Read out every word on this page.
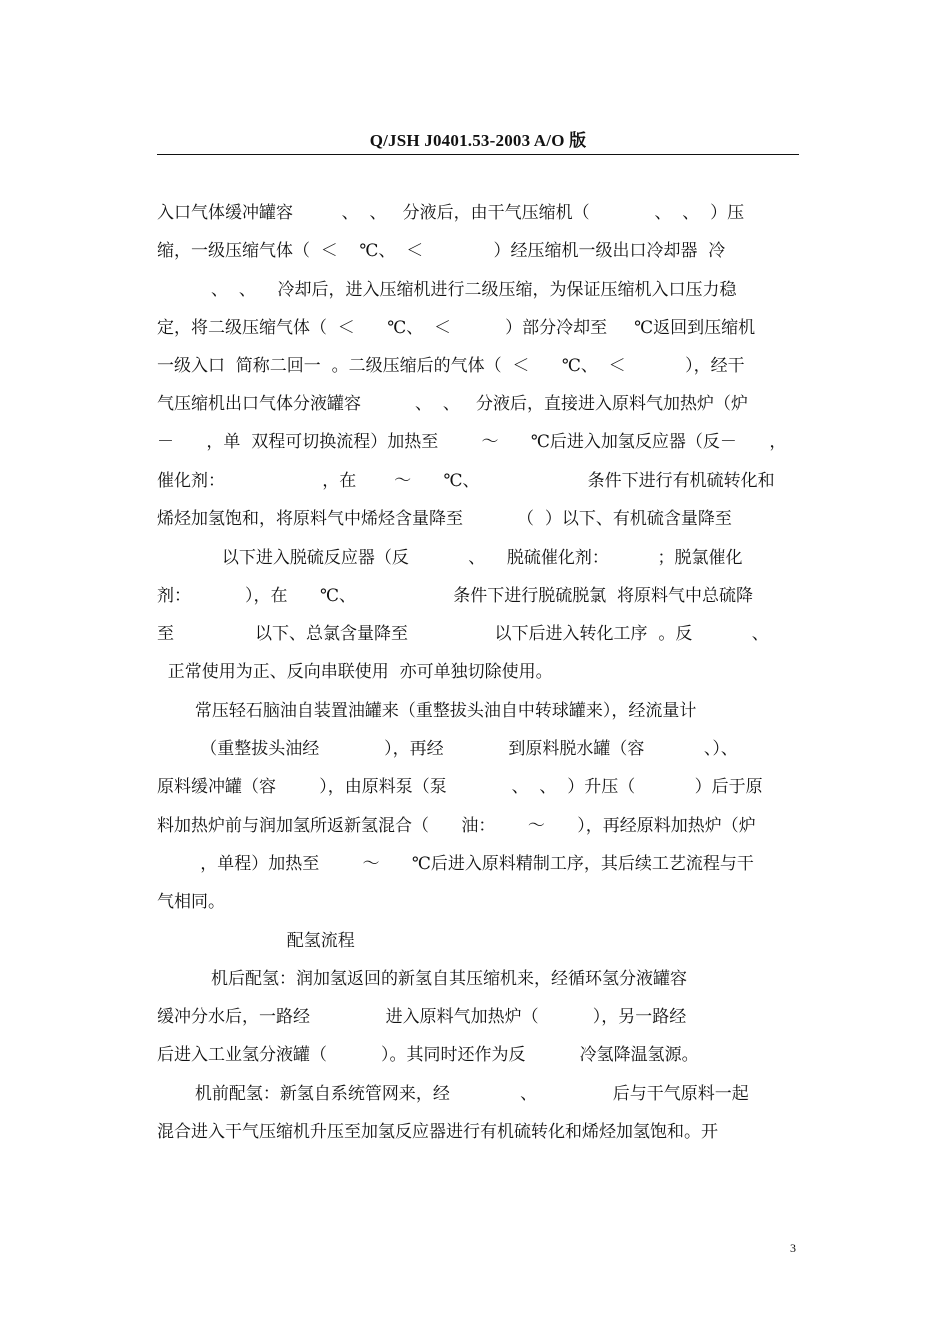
Q/JSH J0401.53-2003 A/O 版
入口气体缓冲罐容         、  、   分液后，由干气压缩机（            、  、  ）压
缩，一级压缩气体（  ＜    ℃、  ＜             ）经压缩机一级出口冷却器  冷
、  、    冷却后，进入压缩机进行二级压缩，为保证压缩机入口压力稳
定，将二级压缩气体（  ＜      ℃、  ＜          ）部分冷却至     ℃返回到压缩机
一级入口  简称二回一  。二级压缩后的气体（  ＜      ℃、  ＜           ），经干
气压缩机出口气体分液罐容          、  、   分液后，直接进入原料气加热炉（炉
－      ，单  双程可切换流程）加热至        ～      ℃后进入加氢反应器（反－      ，
催化剂：                  ，在       ～      ℃、                    条件下进行有机硫转化和
烯烃加氢饱和，将原料气中烯烃含量降至          （  ）以下、有机硫含量降至
以下进入脱硫反应器（反           、    脱硫催化剂：         ；脱氯催化
剂：          ），在      ℃、                  条件下进行脱硫脱氯  将原料气中总硫降
至               以下、总氯含量降至                以下后进入转化工序  。反           、
正常使用为正、反向串联使用  亦可单独切除使用。
常压轻石脑油自装置油罐来（重整拔头油自中转球罐来），经流量计
（重整拔头油经            ），再经            到原料脱水罐（容           、）、
原料缓冲罐（容        ），由原料泵（泵            、  、  ）升压（           ）后于原
料加热炉前与润加氢所返新氢混合（      油：      ～      ），再经原料加热炉（炉
，单程）加热至        ～      ℃后进入原料精制工序，其后续工艺流程与干
气相同。
配氢流程
机后配氢：润加氢返回的新氢自其压缩机来，经循环氢分液罐容
缓冲分水后，一路经              进入原料气加热炉（          ），另一路经
后进入工业氢分液罐（          ）。其同时还作为反          冷氢降温氢源。
机前配氢：新氢自系统管网来，经             、              后与干气原料一起
混合进入干气压缩机升压至加氢反应器进行有机硫转化和烯烃加氢饱和。开
3
